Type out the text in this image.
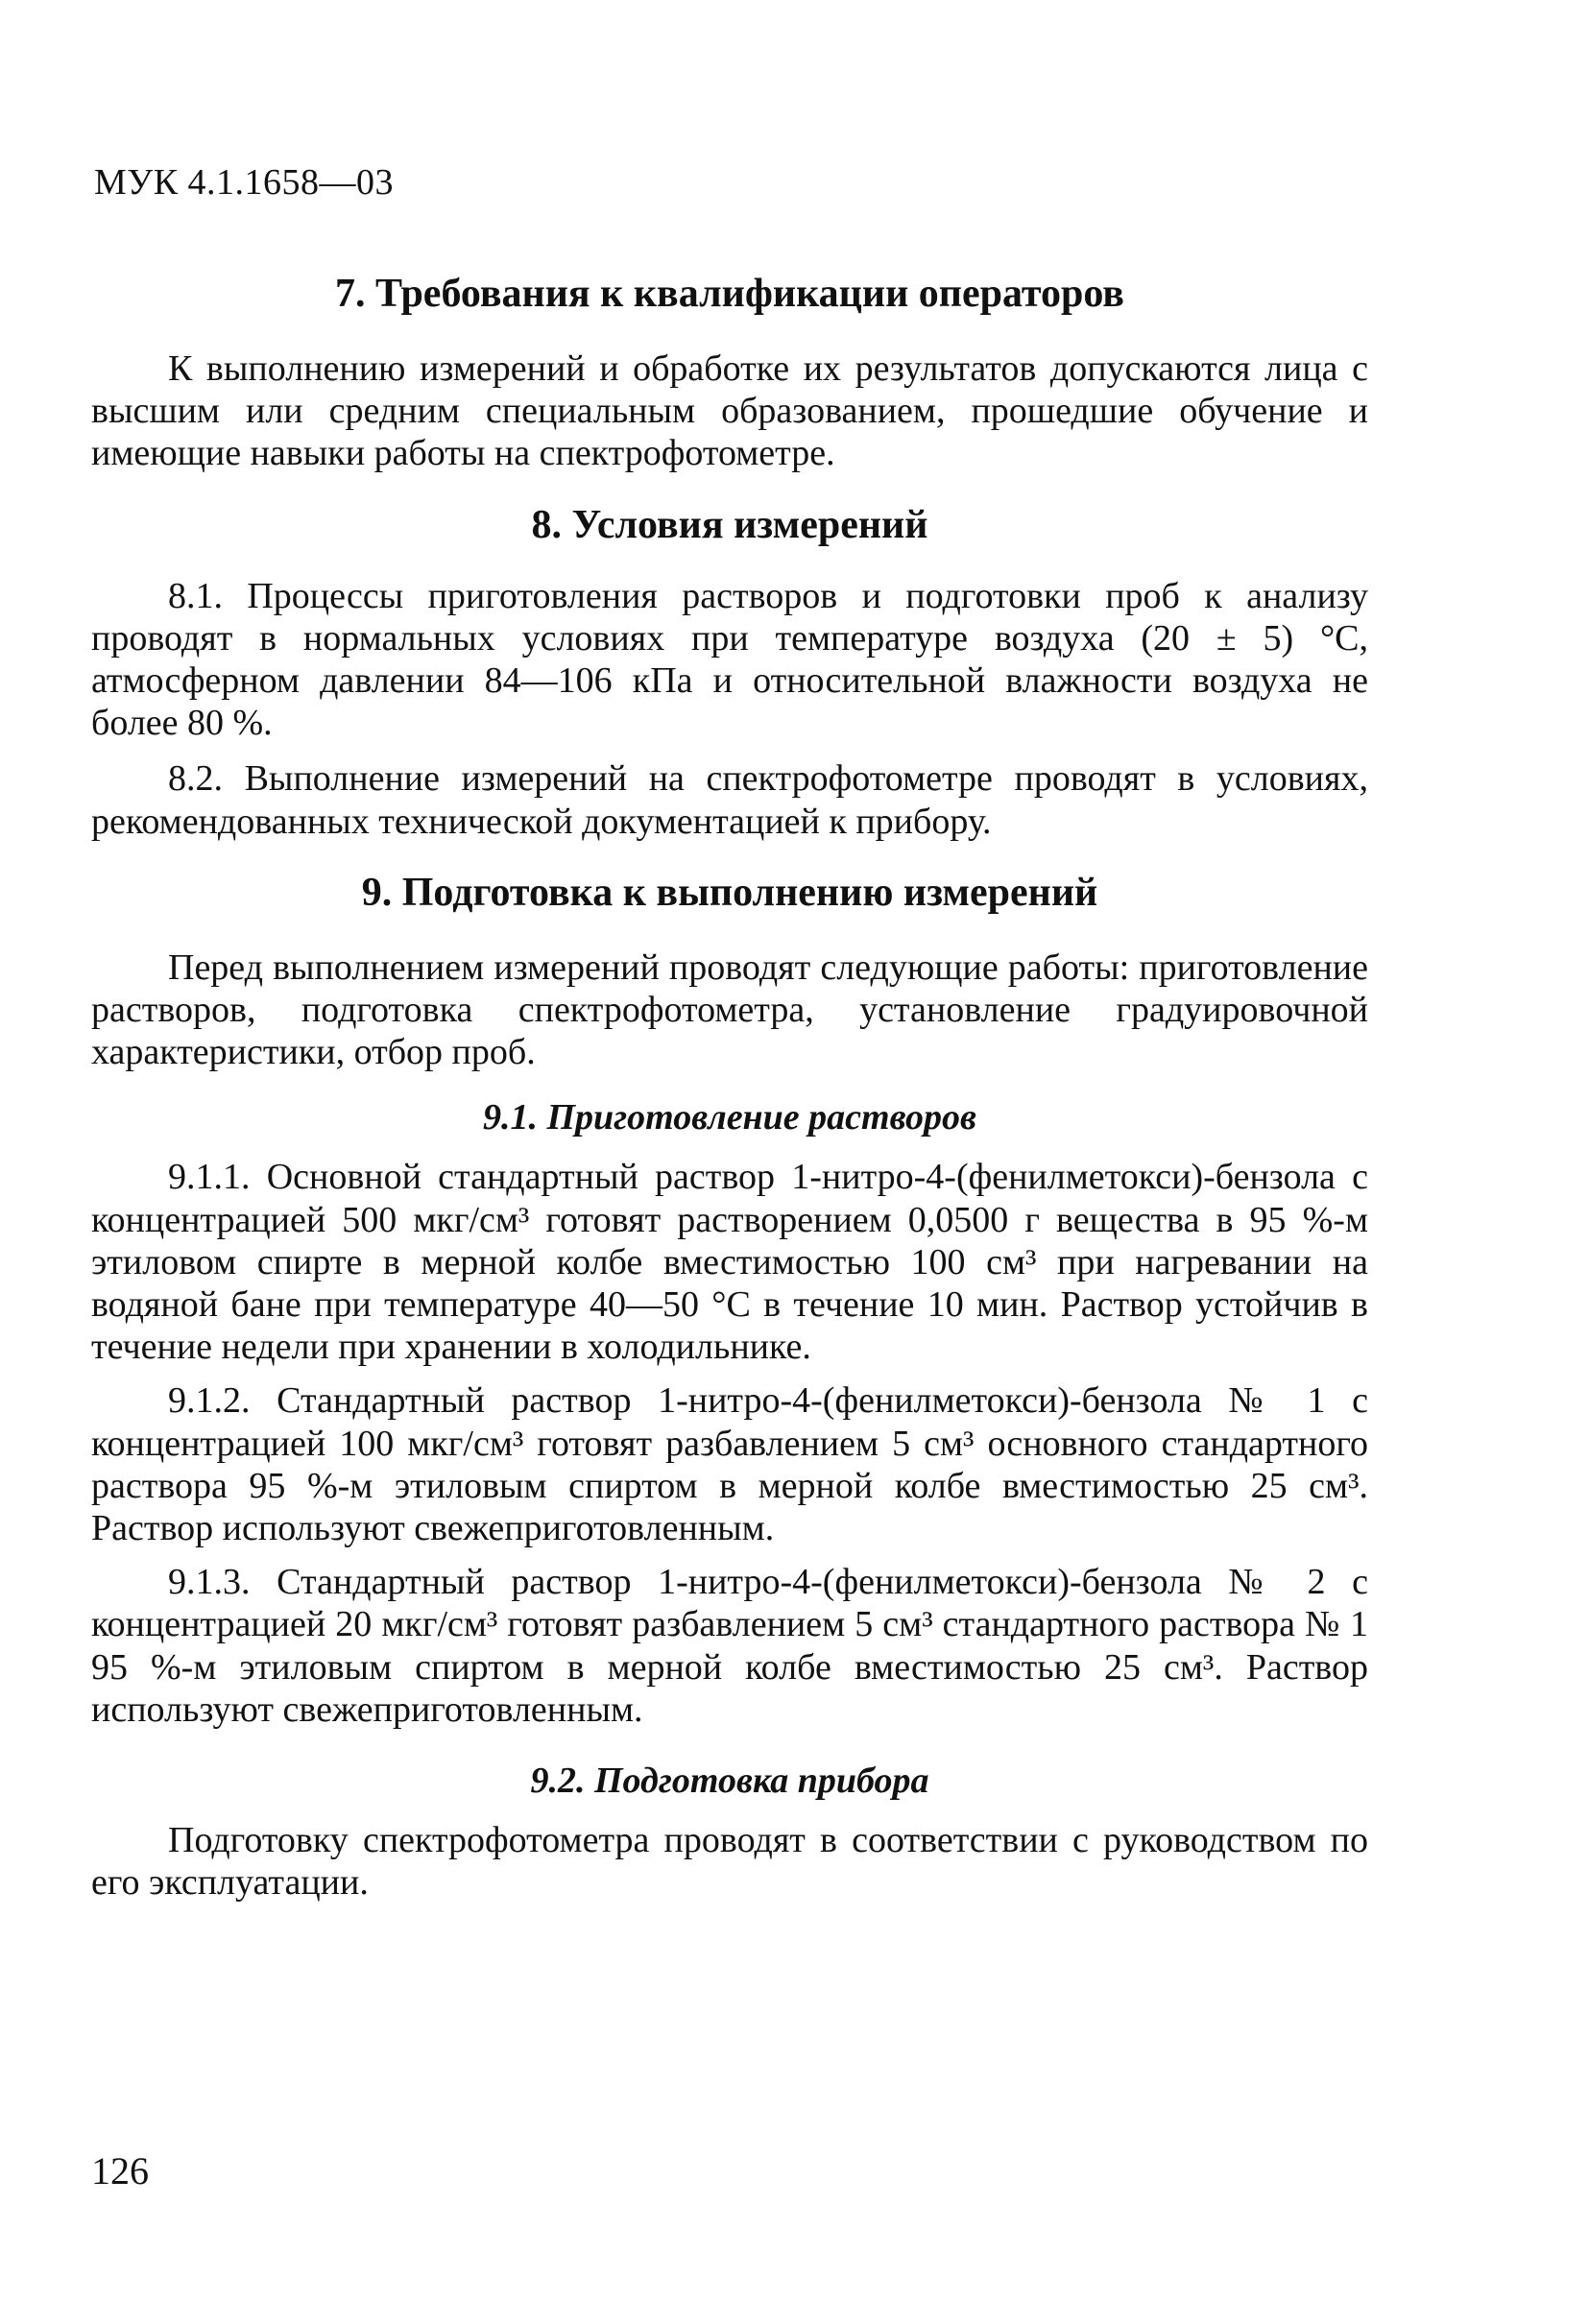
МУК 4.1.1658—03
7. Требования к квалификации операторов

К выполнению измерений и обработке их результатов допускаются лица с высшим или средним специальным образованием, прошедшие обучение и имеющие навыки работы на спектрофотометре.

8. Условия измерений

8.1. Процессы приготовления растворов и подготовки проб к анализу проводят в нормальных условиях при температуре воздуха (20 ± 5) °С, атмосферном давлении 84—106 кПа и относительной влажности воздуха не более 80 %.

8.2. Выполнение измерений на спектрофотометре проводят в условиях, рекомендованных технической документацией к прибору.

9. Подготовка к выполнению измерений

Перед выполнением измерений проводят следующие работы: приготовление растворов, подготовка спектрофотометра, установление градуировочной характеристики, отбор проб.

9.1. Приготовление растворов

9.1.1. Основной стандартный раствор 1-нитро-4-(фенилметокси)-бензола с концентрацией 500 мкг/см³ готовят растворением 0,0500 г вещества в 95 %-м этиловом спирте в мерной колбе вместимостью 100 см³ при нагревании на водяной бане при температуре 40—50 °С в течение 10 мин. Раствор устойчив в течение недели при хранении в холодильнике.

9.1.2. Стандартный раствор 1-нитро-4-(фенилметокси)-бензола № 1 с концентрацией 100 мкг/см³ готовят разбавлением 5 см³ основного стандартного раствора 95 %-м этиловым спиртом в мерной колбе вместимостью 25 см³. Раствор используют свежеприготовленным.

9.1.3. Стандартный раствор 1-нитро-4-(фенилметокси)-бензола № 2 с концентрацией 20 мкг/см³ готовят разбавлением 5 см³ стандартного раствора № 1 95 %-м этиловым спиртом в мерной колбе вместимостью 25 см³. Раствор используют свежеприготовленным.

9.2. Подготовка прибора

Подготовку спектрофотометра проводят в соответствии с руководством по его эксплуатации.

126
